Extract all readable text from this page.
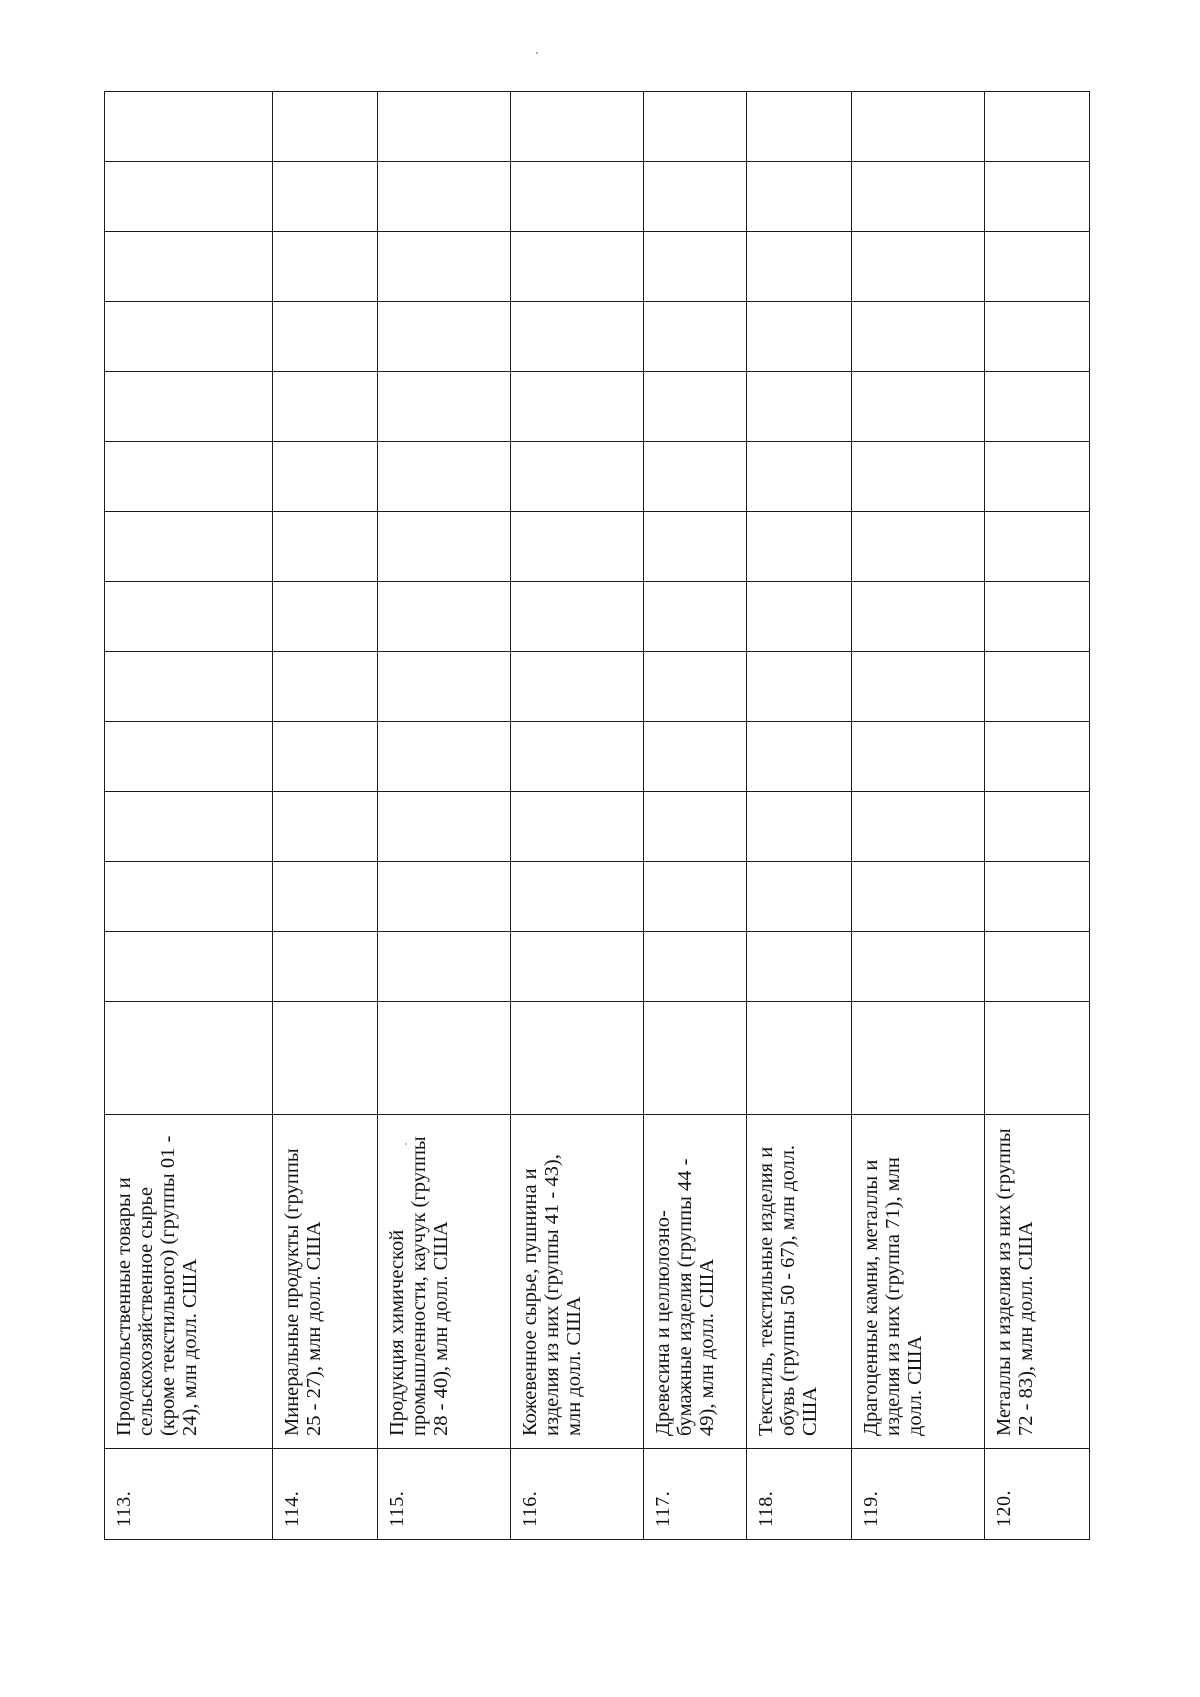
113.	Продовольственные товары и сельскохозяйственное сырье (кроме текстильного) (группы 01 - 24), млн долл. США														
114.	Минеральные продукты (группы 25 - 27), млн долл. США														
115.	Продукция химической промышленности, каучук (группы 28 - 40), млн долл. США														
116.	Кожевенное сырье, пушнина и изделия из них (группы 41 - 43), млн долл. США														
117.	Древесина и целлюлозно-бумажные изделия (группы 44 - 49), млн долл. США														
118.	Текстиль, текстильные изделия и обувь (группы 50 - 67), млн долл. США														
119.	Драгоценные камни, металлы и изделия из них (группа 71), млн долл. США														
120.	Металлы и изделия из них (группы 72 - 83), млн долл. США														
